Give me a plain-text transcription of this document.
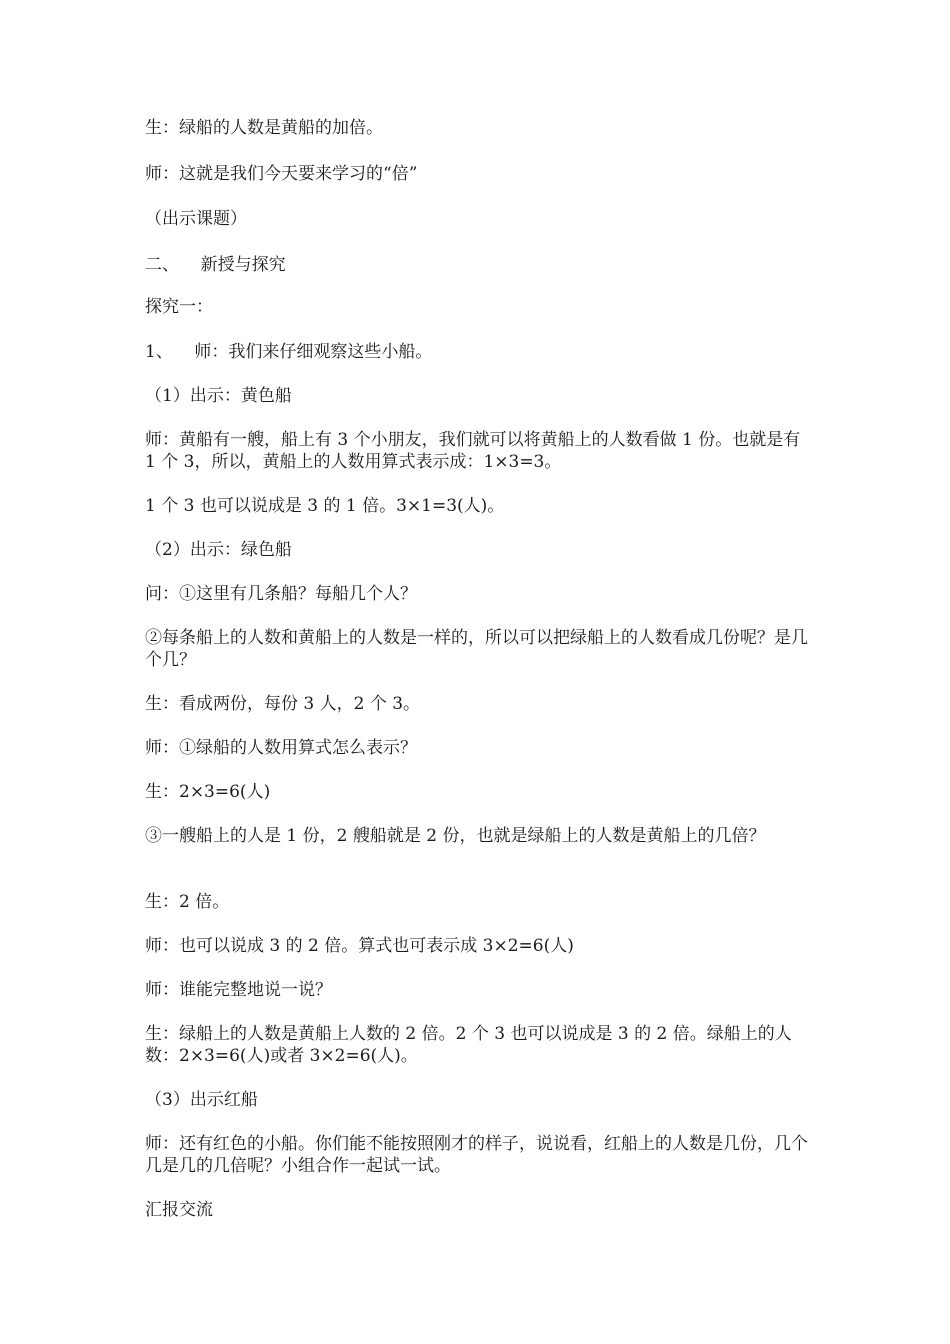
生：绿船的人数是黄船的加倍。

师：这就是我们今天要来学习的“倍”

（出示课题）

二、    新授与探究

探究一：

1、    师：我们来仔细观察这些小船。

（1）出示：黄色船

师：黄船有一艘，船上有 3 个小朋友，我们就可以将黄船上的人数看做 1 份。也就是有 1 个 3，所以，黄船上的人数用算式表示成：1×3=3。

1 个 3 也可以说成是 3 的 1 倍。3×1=3(人)。

（2）出示：绿色船

问：①这里有几条船？每船几个人？

②每条船上的人数和黄船上的人数是一样的，所以可以把绿船上的人数看成几份呢？是几个几？

生：看成两份，每份 3 人，2 个 3。

师：①绿船的人数用算式怎么表示？

生：2×3=6(人)

③一艘船上的人是 1 份，2 艘船就是 2 份，也就是绿船上的人数是黄船上的几倍？

生：2 倍。

师：也可以说成 3 的 2 倍。算式也可表示成 3×2=6(人)

师：谁能完整地说一说？

生：绿船上的人数是黄船上人数的 2 倍。2 个 3 也可以说成是 3 的 2 倍。绿船上的人数：2×3=6(人)或者 3×2=6(人)。

（3）出示红船

师：还有红色的小船。你们能不能按照刚才的样子，说说看，红船上的人数是几份，几个几是几的几倍呢？小组合作一起试一试。

汇报交流
